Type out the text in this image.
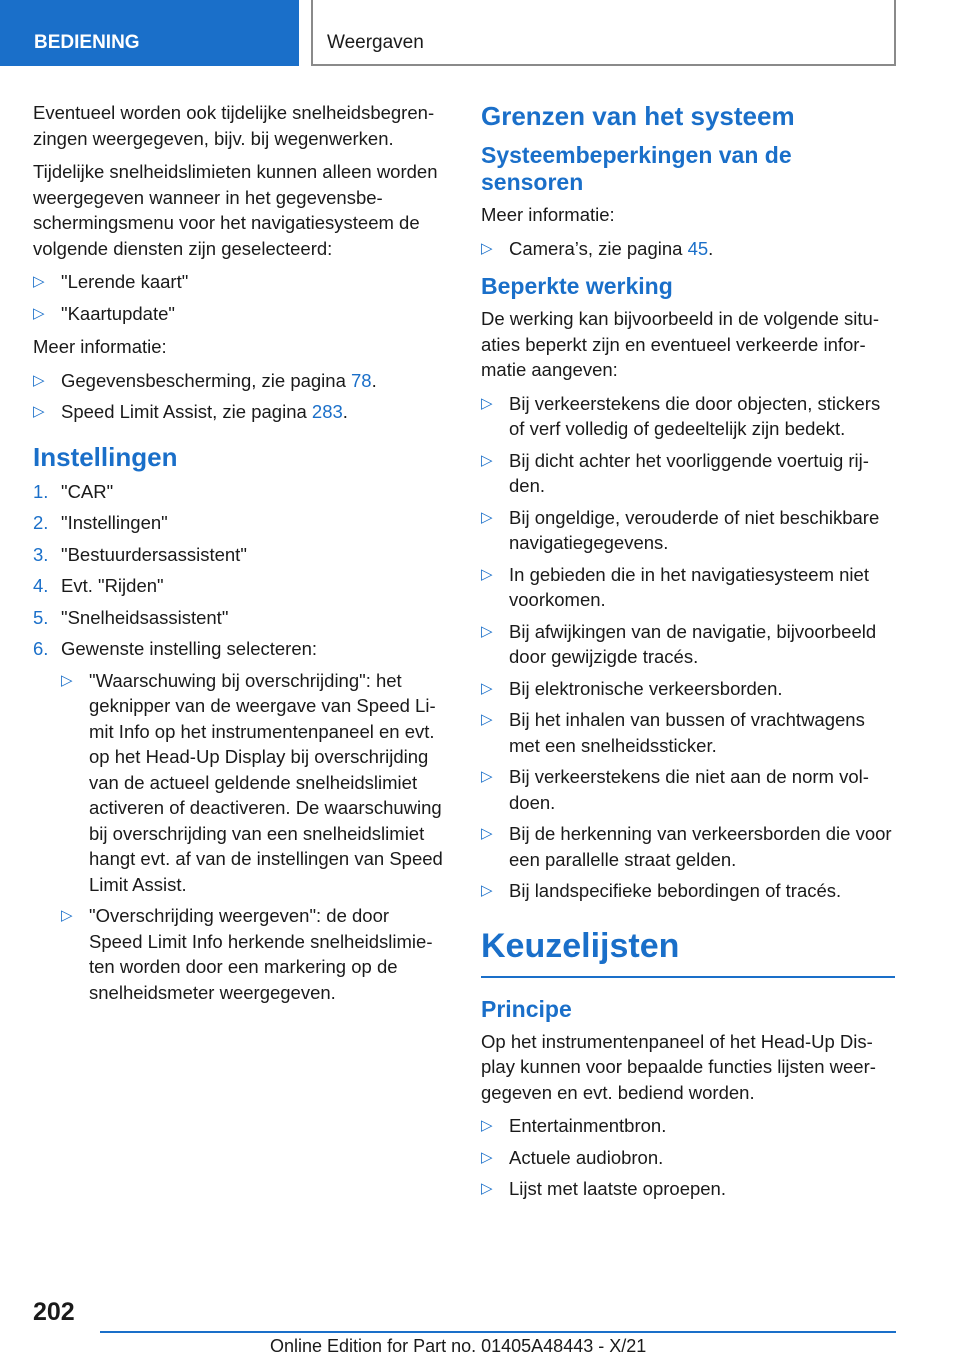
BEDIENING	Weergaven

Eventueel worden ook tijdelijke snelheidsbegrenzingen weergegeven, bijv. bij wegenwerken.

Tijdelijke snelheidslimieten kunnen alleen worden weergegeven wanneer in het gegevensbeschermingsmenu voor het navigatiesysteem de volgende diensten zijn geselecteerd:

▷ "Lerende kaart"
▷ "Kaartupdate"

Meer informatie:

▷ Gegevensbescherming, zie pagina 78.
▷ Speed Limit Assist, zie pagina 283.
Instellingen
1. "CAR"
2. "Instellingen"
3. "Bestuurdersassistent"
4. Evt. "Rijden"
5. "Snelheidsassistent"
6. Gewenste instelling selecteren:
▷ "Waarschuwing bij overschrijding": het geknipper van de weergave van Speed Limit Info op het instrumentenpaneel en evt. op het Head-Up Display bij overschrijding van de actueel geldende snelheidslimiet activeren of deactiveren. De waarschuwing bij overschrijding van een snelheidslimiet hangt evt. af van de instellingen van Speed Limit Assist.
▷ "Overschrijding weergeven": de door Speed Limit Info herkende snelheidslimieten worden door een markering op de snelheidsmeter weergegeven.
Grenzen van het systeem
Systeembeperkingen van de sensoren

Meer informatie:

▷ Camera’s, zie pagina 45.
Beperkte werking

De werking kan bijvoorbeeld in de volgende situaties beperkt zijn en eventueel verkeerde informatie aangeven:

▷ Bij verkeerstekens die door objecten, stickers of verf volledig of gedeeltelijk zijn bedekt.
▷ Bij dicht achter het voorliggende voertuig rijden.
▷ Bij ongeldige, verouderde of niet beschikbare navigatiegegevens.
▷ In gebieden die in het navigatiesysteem niet voorkomen.
▷ Bij afwijkingen van de navigatie, bijvoorbeeld door gewijzigde tracés.
▷ Bij elektronische verkeersborden.
▷ Bij het inhalen van bussen of vrachtwagens met een snelheidssticker.
▷ Bij verkeerstekens die niet aan de norm voldoen.
▷ Bij de herkenning van verkeersborden die voor een parallelle straat gelden.
▷ Bij landspecifieke bebordingen of tracés.
Keuzelijsten
Principe

Op het instrumentenpaneel of het Head-Up Display kunnen voor bepaalde functies lijsten weergegeven en evt. bediend worden.

▷ Entertainmentbron.
▷ Actuele audiobron.
▷ Lijst met laatste oproepen.
202
Online Edition for Part no. 01405A48443 - X/21
